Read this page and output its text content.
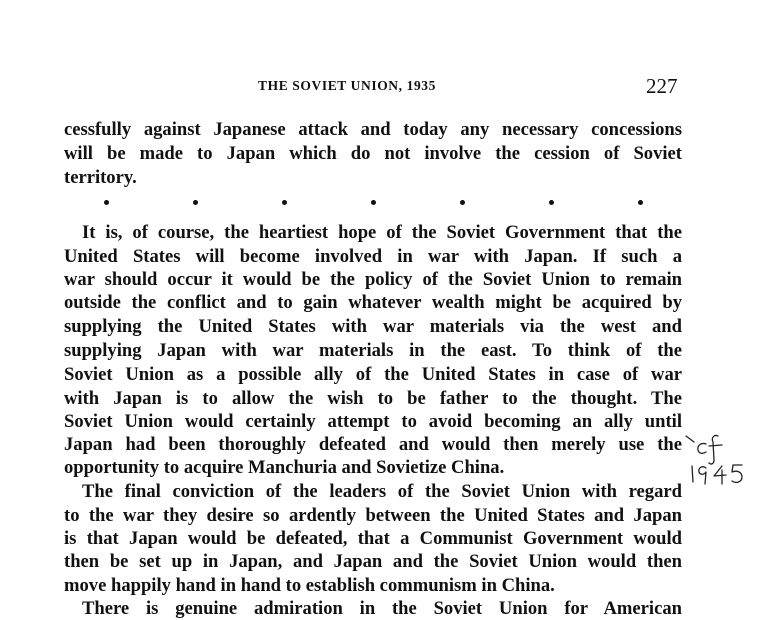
THE SOVIET UNION, 1935	227
cessfully against Japanese attack and today any necessary concessions
will be made to Japan which do not involve the cession of Soviet
territory.
It is, of course, the heartiest hope of the Soviet Government that the
United States will become involved in war with Japan. If such a
war should occur it would be the policy of the Soviet Union to remain
outside the conflict and to gain whatever wealth might be acquired by
supplying the United States with war materials via the west and
supplying Japan with war materials in the east. To think of the
Soviet Union as a possible ally of the United States in case of war
with Japan is to allow the wish to be father to the thought. The
Soviet Union would certainly attempt to avoid becoming an ally until
Japan had been thoroughly defeated and would then merely use the
opportunity to acquire Manchuria and Sovietize China.
The final conviction of the leaders of the Soviet Union with regard
to the war they desire so ardently between the United States and Japan
is that Japan would be defeated, that a Communist Government would
then be set up in Japan, and Japan and the Soviet Union would then
move happily hand in hand to establish communism in China.
There is genuine admiration in the Soviet Union for American
